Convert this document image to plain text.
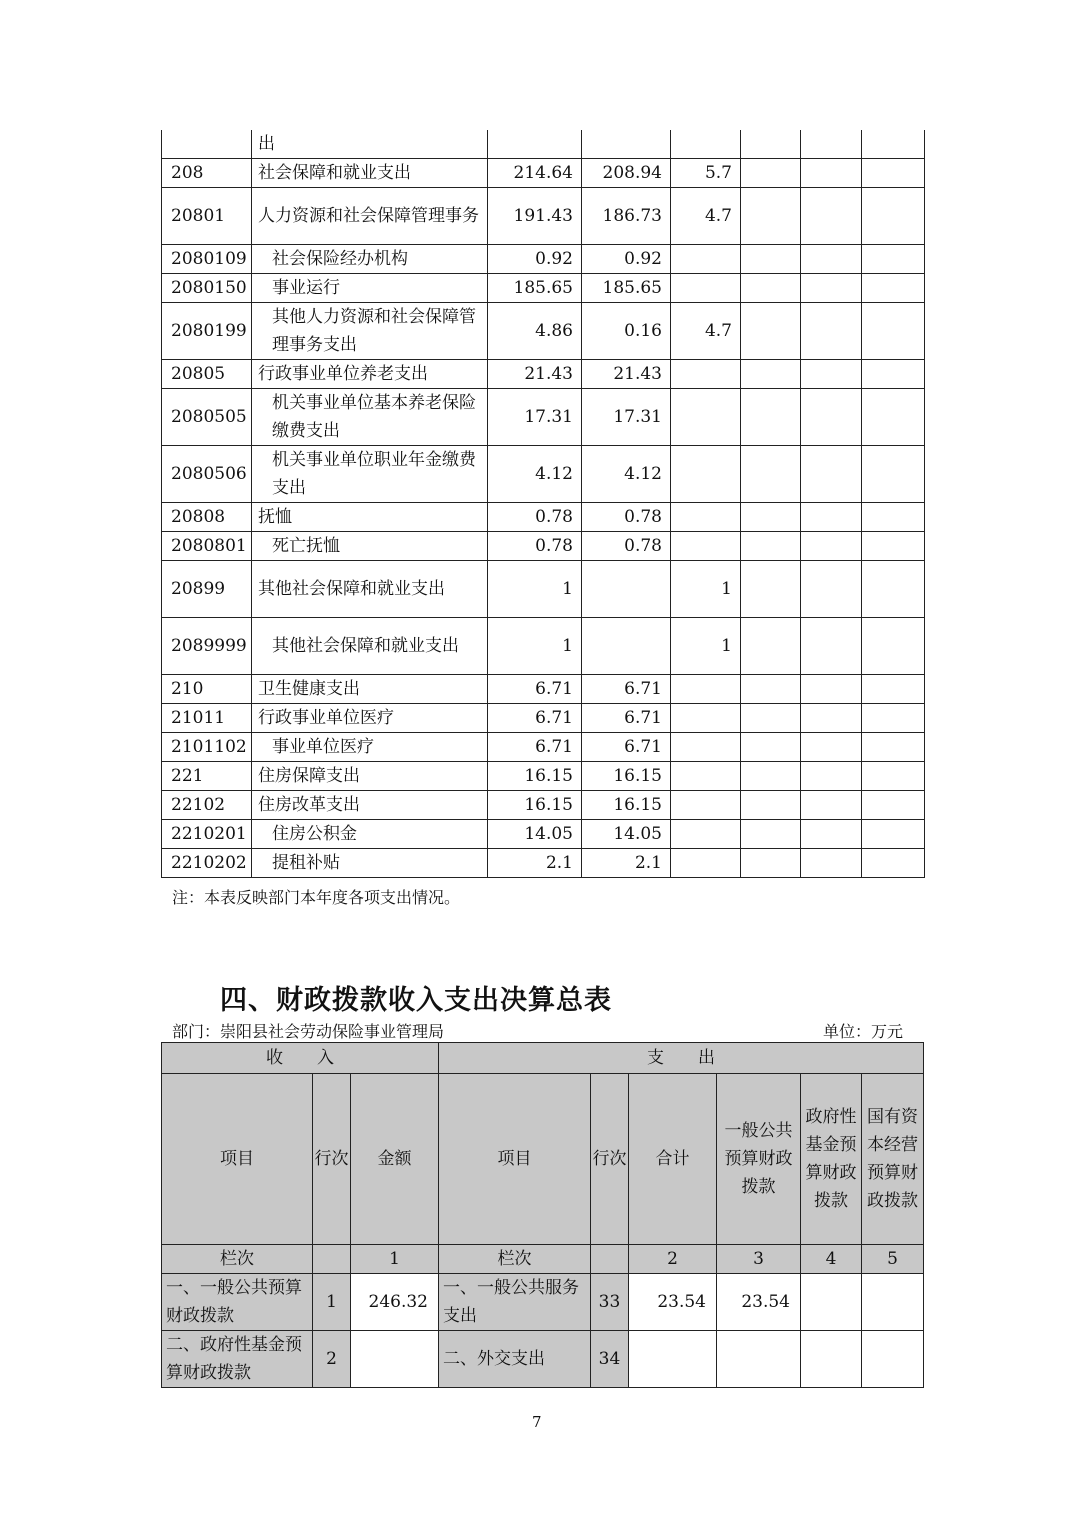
	出						
208	社会保障和就业支出	214.64	208.94	5.7			
20801	人力资源和社会保障管理事务	191.43	186.73	4.7			
2080109	社会保险经办机构	0.92	0.92				
2080150	事业运行	185.65	185.65				
2080199	其他人力资源和社会保障管理事务支出	4.86	0.16	4.7			
20805	行政事业单位养老支出	21.43	21.43				
2080505	机关事业单位基本养老保险缴费支出	17.31	17.31				
2080506	机关事业单位职业年金缴费支出	4.12	4.12				
20808	抚恤	0.78	0.78				
2080801	死亡抚恤	0.78	0.78				
20899	其他社会保障和就业支出	1		1			
2089999	其他社会保障和就业支出	1		1			
210	卫生健康支出	6.71	6.71				
21011	行政事业单位医疗	6.71	6.71				
2101102	事业单位医疗	6.71	6.71				
221	住房保障支出	16.15	16.15				
22102	住房改革支出	16.15	16.15				
2210201	住房公积金	14.05	14.05				
2210202	提租补贴	2.1	2.1				
注：本表反映部门本年度各项支出情况。
四、财政拨款收入支出决算总表
部门：崇阳县社会劳动保险事业管理局	单位：万元
收　　入			支　　出					
项目	行次	金额	项目	行次	合计	一般公共预算财政拨款	政府性基金预算财政拨款	国有资本经营预算财政拨款
栏次		1	栏次		2	3	4	5
一、一般公共预算财政拨款	1	246.32	一、一般公共服务支出	33	23.54	23.54		
二、政府性基金预算财政拨款	2		二、外交支出	34				
7
